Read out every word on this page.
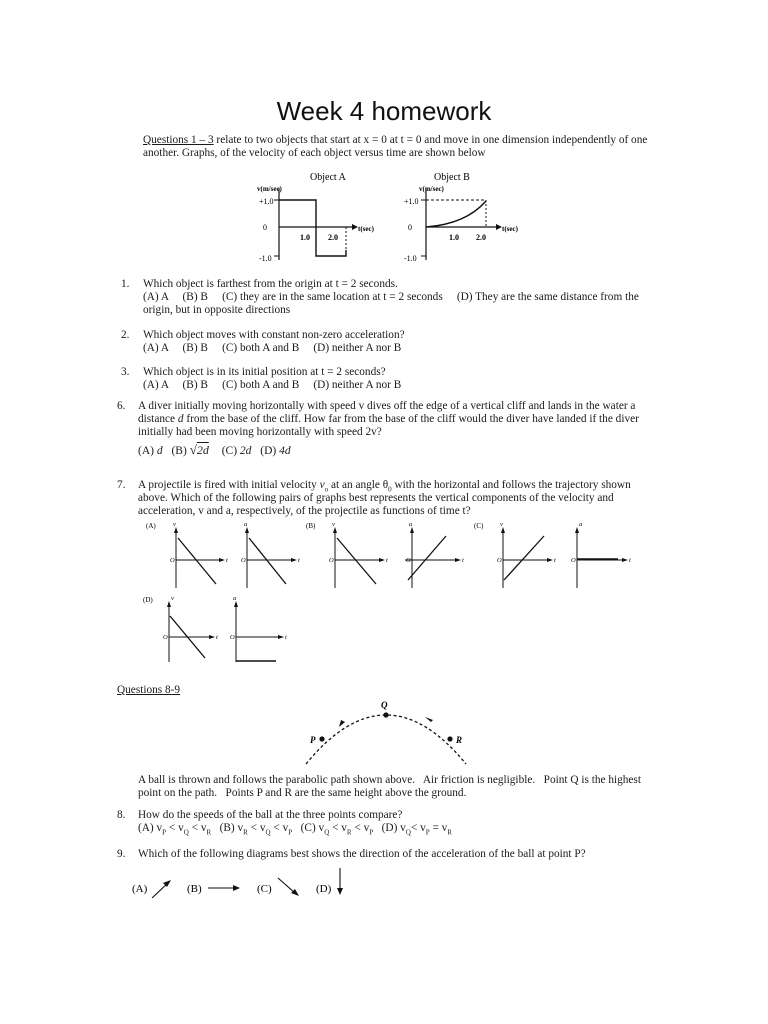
Week 4 homework
Questions 1 – 3 relate to two objects that start at x = 0 at t = 0 and move in one dimension independently of one
another. Graphs, of the velocity of each object versus time are shown below
Object A
v(m/sec)
+1.0
0
-1.0
t(sec)
1.0 2.0
Object B
v(m/sec)
+1.0
0
-1.0
t(sec)
1.0 2.0
1. Which object is farthest from the origin at t = 2 seconds.
(A) A     (B) B     (C) they are in the same location at t = 2 seconds     (D) They are the same distance from the
origin, but in opposite directions
2. Which object moves with constant non-zero acceleration?
(A) A     (B) B     (C) both A and B     (D) neither A nor B
3. Which object is in its initial position at t = 2 seconds?
(A) A     (B) B     (C) both A and B     (D) neither A nor B
6. A diver initially moving horizontally with speed v dives off the edge of a vertical cliff and lands in the water a
distance d from the base of the cliff. How far from the base of the cliff would the diver have landed if the diver
initially had been moving horizontally with speed 2v?
(A) d (B) √2d (C) 2d (D) 4d
7. A projectile is fired with initial velocity $v_o$ at an angle $\theta_0$ with the horizontal and follows the trajectory shown
above. Which of the following pairs of graphs best represents the vertical components of the velocity and
acceleration, v and a, respectively, of the projectile as functions of time t?
(A)
O
v
t O
a
t
(B)
O
v
t	O
a
t
(C)
O
v
t O
a
t
(D)
O
v
t O
a
t
Questions 8-9
P
Q
R
A ball is thrown and follows the parabolic path shown above.   Air friction is negligible.   Point Q is the highest
point on the path.   Points P and R are the same height above the ground.
8. How do the speeds of the ball at the three points compare?
(A) $v_P < v_Q < v_R$ (B) $v_R < v_Q < v_P$ (C) $v_Q < v_R < v_P$ (D) $v_Q< v_P = v_R$
9. Which of the following diagrams best shows the direction of the acceleration of the ball at point P?
(A)	(B)	(C)	(D)
